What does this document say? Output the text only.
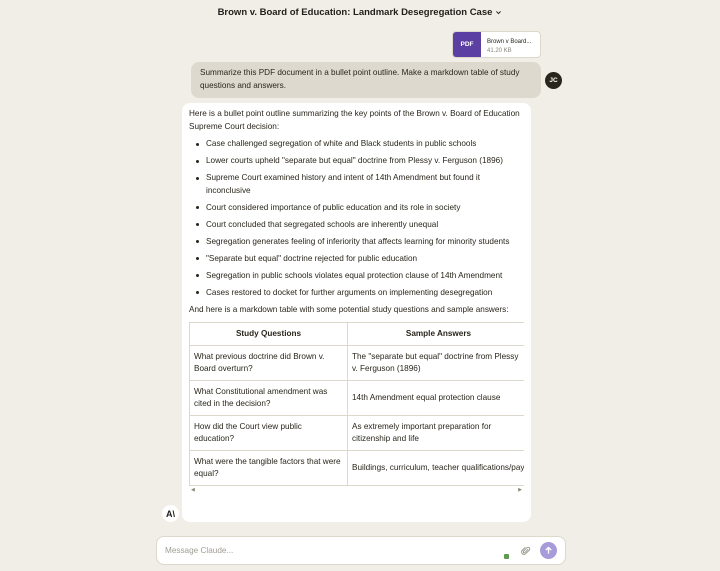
Brown v. Board of Education: Landmark Desegregation Case
PDF	Brown v Board...
41.20 KB
Summarize this PDF document in a bullet point outline. Make a markdown table of study questions and answers.	JC

Here is a bullet point outline summarizing the key points of the Brown v. Board of Education Supreme Court decision:

Case challenged segregation of white and Black students in public schools
Lower courts upheld "separate but equal" doctrine from Plessy v. Ferguson (1896)
Supreme Court examined history and intent of 14th Amendment but found it inconclusive
Court considered importance of public education and its role in society
Court concluded that segregated schools are inherently unequal
Segregation generates feeling of inferiority that affects learning for minority students
"Separate but equal" doctrine rejected for public education
Segregation in public schools violates equal protection clause of 14th Amendment
Cases restored to docket for further arguments on implementing desegregation

And here is a markdown table with some potential study questions and sample answers:

Study Questions	Sample Answers
What previous doctrine did Brown v. Board overturn?	The "separate but equal" doctrine from Plessy v. Ferguson (1896)
What Constitutional amendment was cited in the decision?	14th Amendment equal protection clause
How did the Court view public education?	As extremely important preparation for citizenship and life
What were the tangible factors that were equal?	Buildings, curriculum, teacher qualifications/pay
◀	▶
A\
Message Claude...
